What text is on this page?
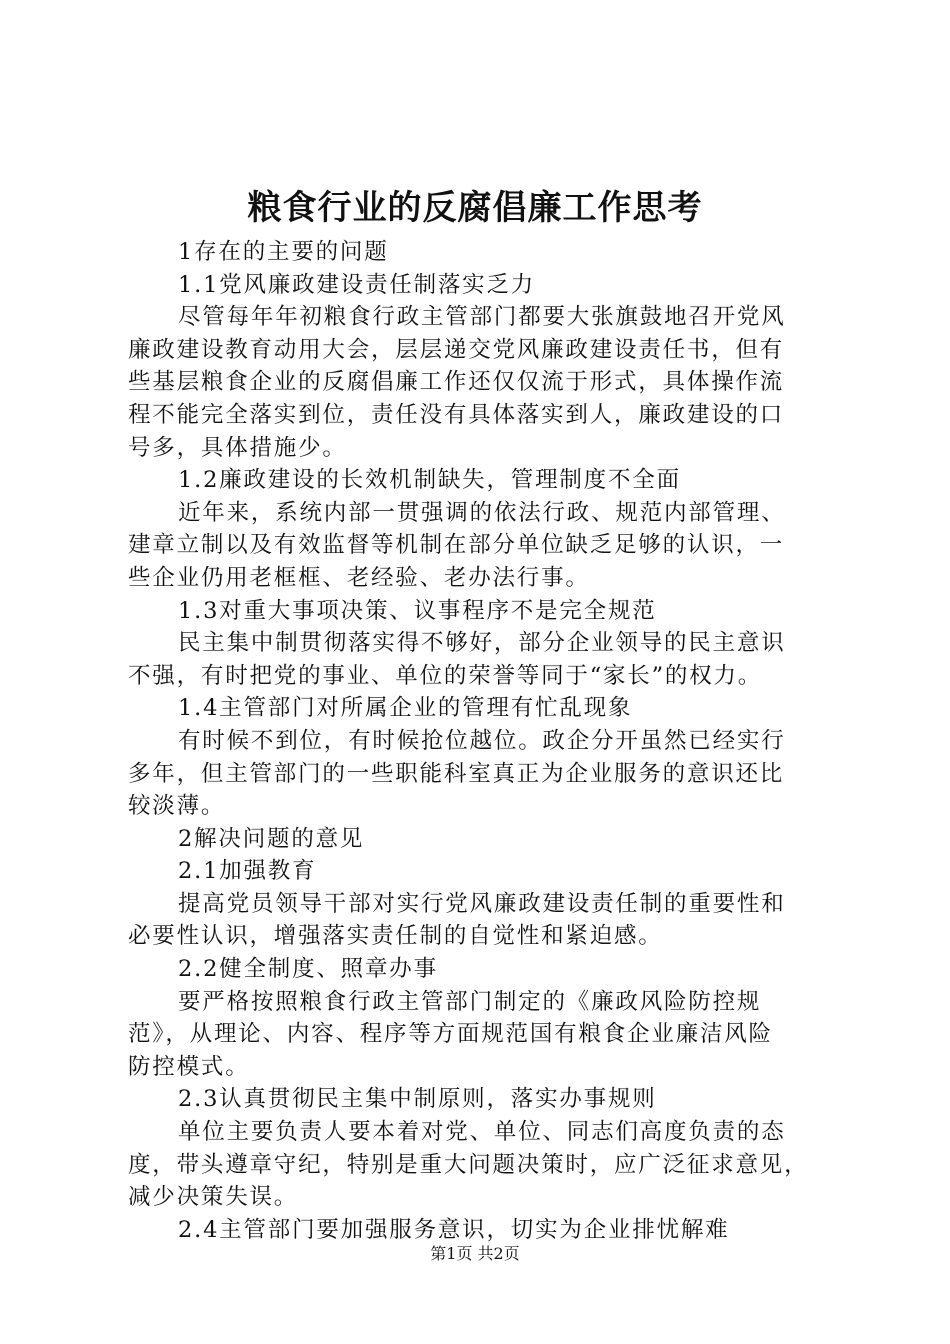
粮食行业的反腐倡廉工作思考

1存在的主要的问题

1.1党风廉政建设责任制落实乏力

尽管每年年初粮食行政主管部门都要大张旗鼓地召开党风

廉政建设教育动用大会，层层递交党风廉政建设责任书，但有

些基层粮食企业的反腐倡廉工作还仅仅流于形式，具体操作流

程不能完全落实到位，责任没有具体落实到人，廉政建设的口

号多，具体措施少。

1.2廉政建设的长效机制缺失，管理制度不全面

近年来，系统内部一贯强调的依法行政、规范内部管理、

建章立制以及有效监督等机制在部分单位缺乏足够的认识，一

些企业仍用老框框、老经验、老办法行事。

1.3对重大事项决策、议事程序不是完全规范

民主集中制贯彻落实得不够好，部分企业领导的民主意识

不强，有时把党的事业、单位的荣誉等同于“家长”的权力。

1.4主管部门对所属企业的管理有忙乱现象

有时候不到位，有时候抢位越位。政企分开虽然已经实行

多年，但主管部门的一些职能科室真正为企业服务的意识还比

较淡薄。

2解决问题的意见

2.1加强教育

提高党员领导干部对实行党风廉政建设责任制的重要性和

必要性认识，增强落实责任制的自觉性和紧迫感。

2.2健全制度、照章办事

要严格按照粮食行政主管部门制定的《廉政风险防控规

范》，从理论、内容、程序等方面规范国有粮食企业廉洁风险

防控模式。

2.3认真贯彻民主集中制原则，落实办事规则

单位主要负责人要本着对党、单位、同志们高度负责的态

度，带头遵章守纪，特别是重大问题决策时，应广泛征求意见，

减少决策失误。

2.4主管部门要加强服务意识，切实为企业排忧解难

第1页 共2页
